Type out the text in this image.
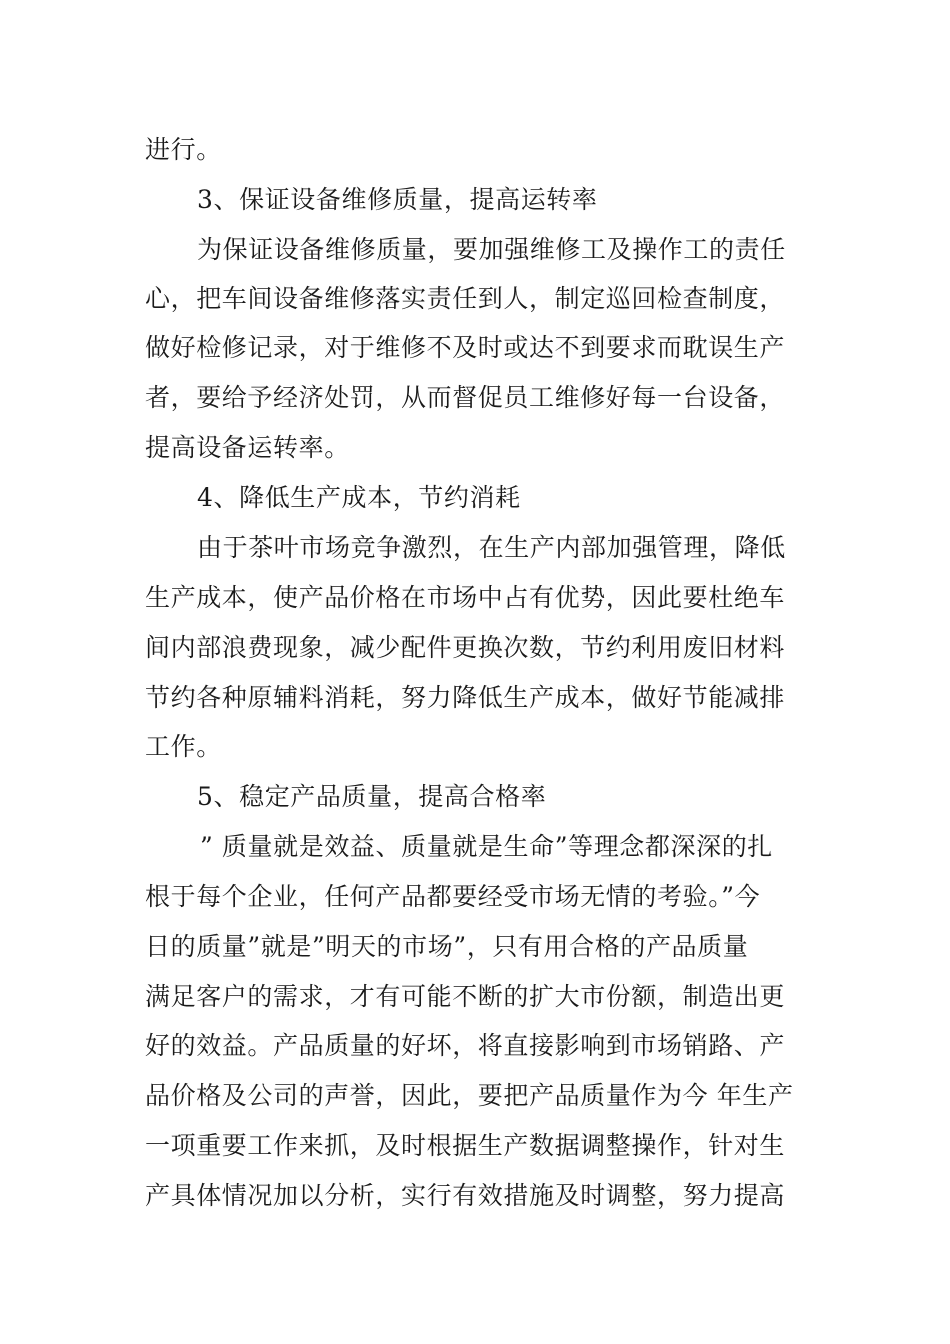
进行。
3、保证设备维修质量，提高运转率
为保证设备维修质量，要加强维修工及操作工的责任
心，把车间设备维修落实责任到人，制定巡回检查制度，
做好检修记录，对于维修不及时或达不到要求而耽误生产
者，要给予经济处罚，从而督促员工维修好每一台设备，
提高设备运转率。
4、降低生产成本，节约消耗
由于茶叶市场竞争激烈，在生产内部加强管理，降低
生产成本，使产品价格在市场中占有优势，因此要杜绝车
间内部浪费现象，减少配件更换次数，节约利用废旧材料
节约各种原辅料消耗，努力降低生产成本，做好节能减排
工作。
5、稳定产品质量，提高合格率
” 质量就是效益、质量就是生命”等理念都深深的扎
根于每个企业，任何产品都要经受市场无情的考验。”今
日的质量”就是”明天的市场”，只有用合格的产品质量
满足客户的需求，才有可能不断的扩大市份额，制造出更
好的效益。产品质量的好坏，将直接影响到市场销路、产
品价格及公司的声誉，因此，要把产品质量作为今 年生产
一项重要工作来抓，及时根据生产数据调整操作，针对生
产具体情况加以分析，实行有效措施及时调整，努力提高
